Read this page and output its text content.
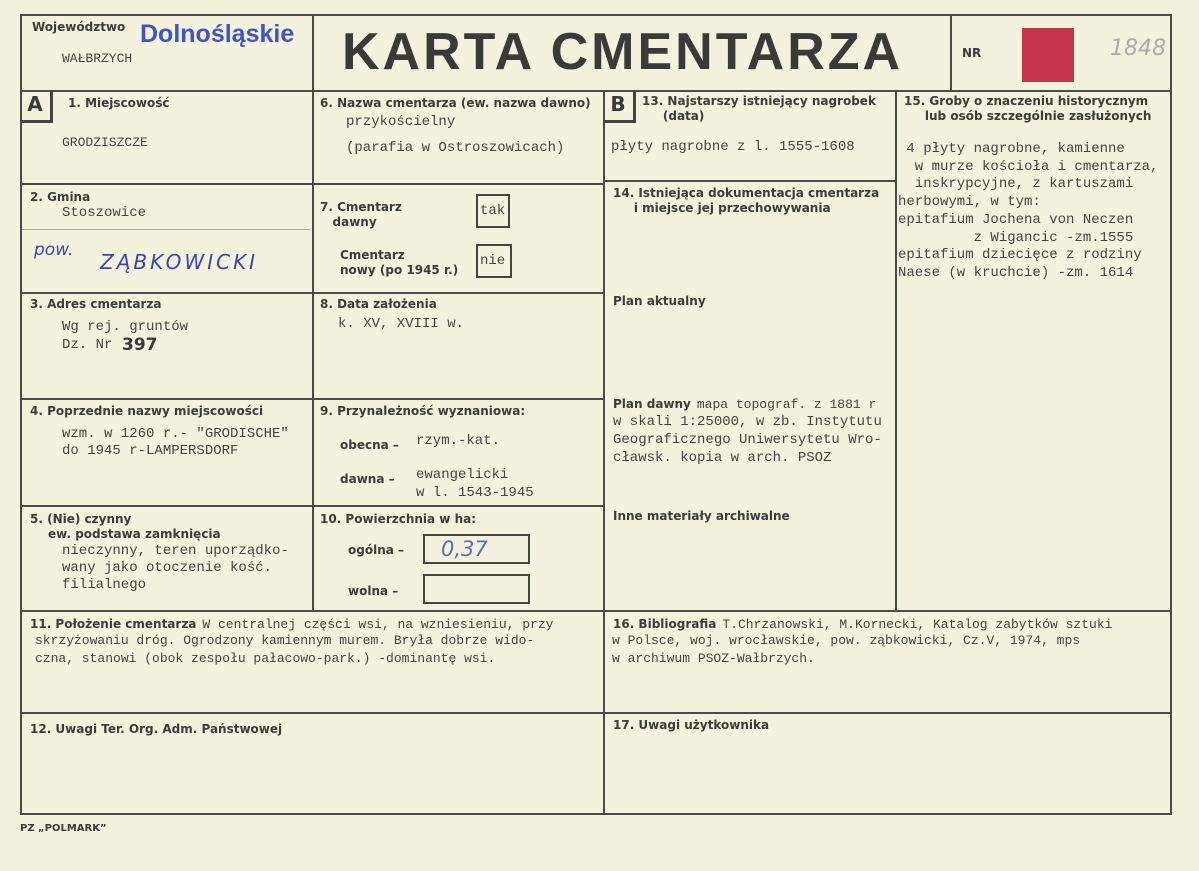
Województwo
WAŁBRZYCH
Dolnośląskie KARTA CMENTARZA	NR
Z
1848
A	1. Miejscowość
GRODZISZCZE
2. Gmina
Stoszowice
pow. ZĄBKOWICKI
3. Adres cmentarza
Wg rej. gruntów
Dz. Nr 397
4. Poprzednie nazwy miejscowości
wzm. w 1260 r.- "GRODISCHE"
do 1945 r-LAMPERSDORF
5. (Nie) czynny
ew. podstawa zamknięcia
nieczynny, teren uporządko-
wany jako otoczenie kość.
filialnego
6. Nazwa cmentarza (ew. nazwa dawno)
przykościelny
(parafia w Ostroszowicach)
7. Cmentarz
dawny
tak
Cmentarz
nowy (po 1945 r.)
nie
8. Data założenia
k. XV, XVIII w.
9. Przynależność wyznaniowa:
obecna – rzym.-kat.
dawna – ewangelicki
w l. 1543-1945
10. Powierzchnia w ha:
ogólna –	0,37
wolna –
B	13. Najstarszy istniejący nagrobek
(data)
płyty nagrobne z l. 1555-1608
14. Istniejąca dokumentacja cmentarza
i miejsce jej przechowywania
Plan aktualny
Plan dawny mapa topograf. z 1881 r
w skali 1:25000, w zb. Instytutu
Geograficznego Uniwersytetu Wro-
cławsk. kopia w arch. PSOZ
Inne materiały archiwalne
15. Groby o znaczeniu historycznym
lub osób szczególnie zasłużonych
4 płyty nagrobne, kamienne
w murze kościoła i cmentarza,
inskrypcyjne, z kartuszami
herbowymi, w tym:
epitafium Jochena von Neczen
z Wigancic -zm.1555
epitafium dziecięce z rodziny
Naese (w kruchcie) -zm. 1614
11. Położenie cmentarza W centralnej części wsi, na wzniesieniu, przy
skrzyżowaniu dróg. Ogrodzony kamiennym murem. Bryła dobrze wido-
czna, stanowi (obok zespołu pałacowo-park.) -dominantę wsi.
16. Bibliografia T.Chrzanowski, M.Kornecki, Katalog zabytków sztuki
w Polsce, woj. wrocławskie, pow. ząbkowicki, Cz.V, 1974, mps
w archiwum PSOZ-Wałbrzych.
12. Uwagi Ter. Org. Adm. Państwowej	17. Uwagi użytkownika
PZ „POLMARK”
